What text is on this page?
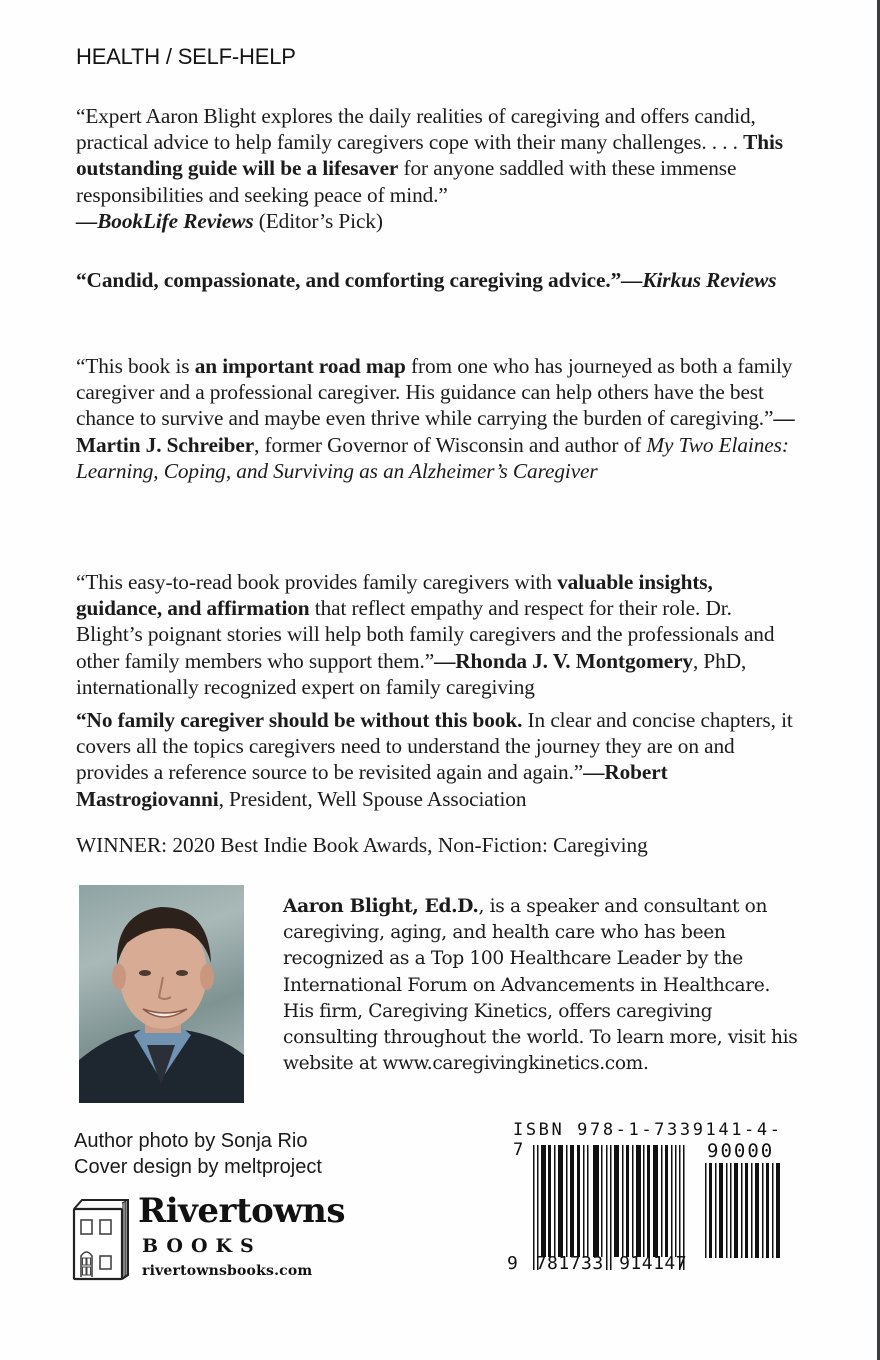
HEALTH / SELF-HELP
“Expert Aaron Blight explores the daily realities of caregiving and offers candid, practical advice to help family caregivers cope with their many challenges. . . . This outstanding guide will be a lifesaver for anyone saddled with these immense responsibilities and seeking peace of mind.”
—BookLife Reviews (Editor’s Pick)
“Candid, compassionate, and comforting caregiving advice.”—Kirkus Reviews
“This book is an important road map from one who has journeyed as both a family caregiver and a professional caregiver. His guidance can help others have the best chance to survive and maybe even thrive while carrying the burden of caregiving.”—Martin J. Schreiber, former Governor of Wisconsin and author of My Two Elaines: Learning, Coping, and Surviving as an Alzheimer’s Caregiver
“This easy-to-read book provides family caregivers with valuable insights, guidance, and affirmation that reflect empathy and respect for their role. Dr. Blight’s poignant stories will help both family caregivers and the professionals and other family members who support them.”—Rhonda J. V. Montgomery, PhD, internationally recognized expert on family caregiving
“No family caregiver should be without this book. In clear and concise chapters, it covers all the topics caregivers need to understand the journey they are on and provides a reference source to be revisited again and again.”—Robert Mastrogiovanni, President, Well Spouse Association
WINNER: 2020 Best Indie Book Awards, Non-Fiction: Caregiving
Aaron Blight, Ed.D., is a speaker and consultant on caregiving, aging, and health care who has been recognized as a Top 100 Healthcare Leader by the International Forum on Advancements in Healthcare. His firm, Caregiving Kinetics, offers caregiving consulting throughout the world. To learn more, visit his website at www.caregivingkinetics.com.
Author photo by Sonja Rio
Cover design by meltproject
Rivertowns
BOOKS
rivertownsbooks.com
ISBN 978-1-7339141-4-7	90000
9 781733 914147
